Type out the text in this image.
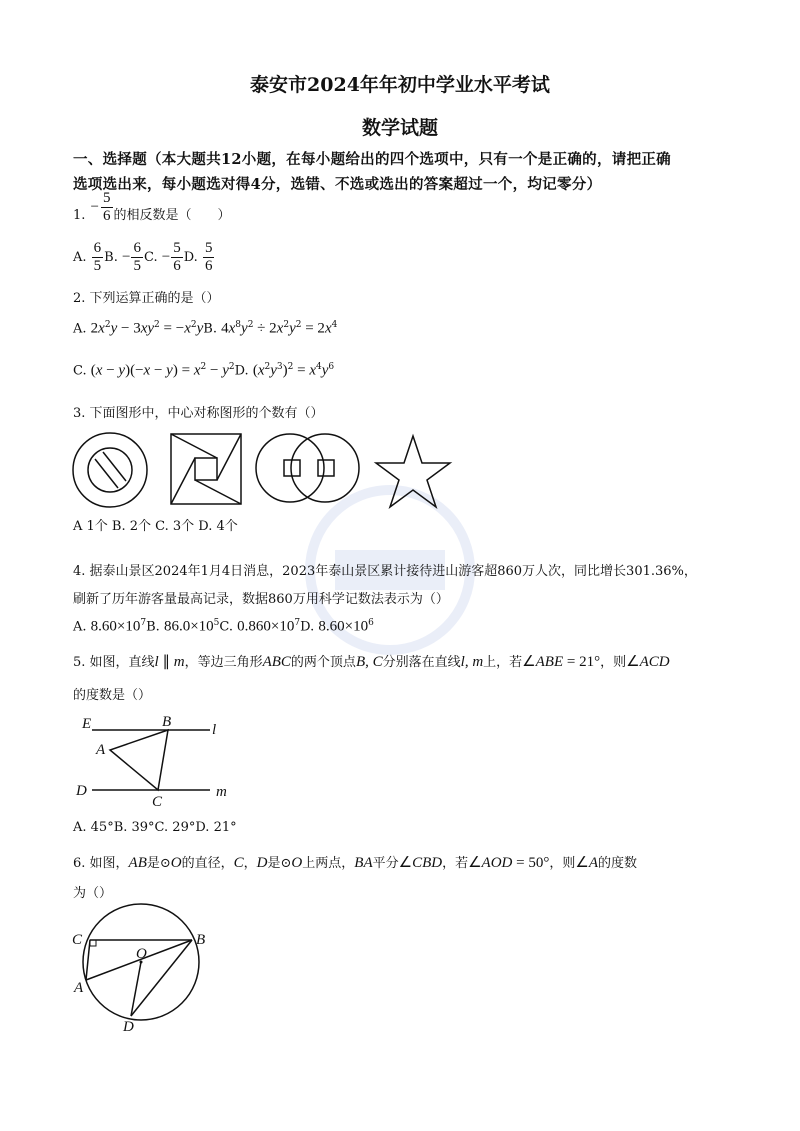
泰安市2024年年初中学业水平考试
数学试题
一、选择题（本大题共12小题，在每小题给出的四个选项中，只有一个是正确的，请把正确
选项选出来，每小题选对得4分，选错、不选或选出的答案超过一个，均记零分）
1. − $\frac{5}{6}$ 的相反数是（　　）
A. $\frac{6}{5} B$. − $\frac{6}{5} C$. − $\frac{5}{6} D$. $\frac{5}{6}$
2. 下列运算正确的是（）
A. $2x^2y - 3xy^2 = -x^2yB$. $4x^8y^2 \div 2x^2y^2 = 2x^4$
C. $(x - y)(-x - y) = x^2 - y^2D$. $(x^2y^3)^2 = x^4y^6$
3. 下面图形中，中心对称图形的个数有（）
A 1个 B. 2个 C. 3个 D. 4个
4. 据泰山景区2024年1月4日消息，2023年泰山景区累计接待进山游客超860万人次，同比增长301.36%，
刷新了历年游客量最高记录，数据860万用科学记数法表示为（）
A. $8.60\times 10^7B$. $86.0\times 10^5C$. $0.860\times 10^7D$. $8.60\times 10^6$
5. 如图，直线l ∥ m，等边三角形ABC的两个顶点B, C分别落在直线l, m上，若∠ABE = 21°，则∠ACD
的度数是（）
E	B	l
A
D
C
m
A. 45°B. 39°C. 29°D. 21°
6. 如图，AB是⊙O的直径，C，D是⊙O上两点，BA平分∠CBD，若∠AOD = 50°，则∠A的度数
为（）
C	B
O
A
D
